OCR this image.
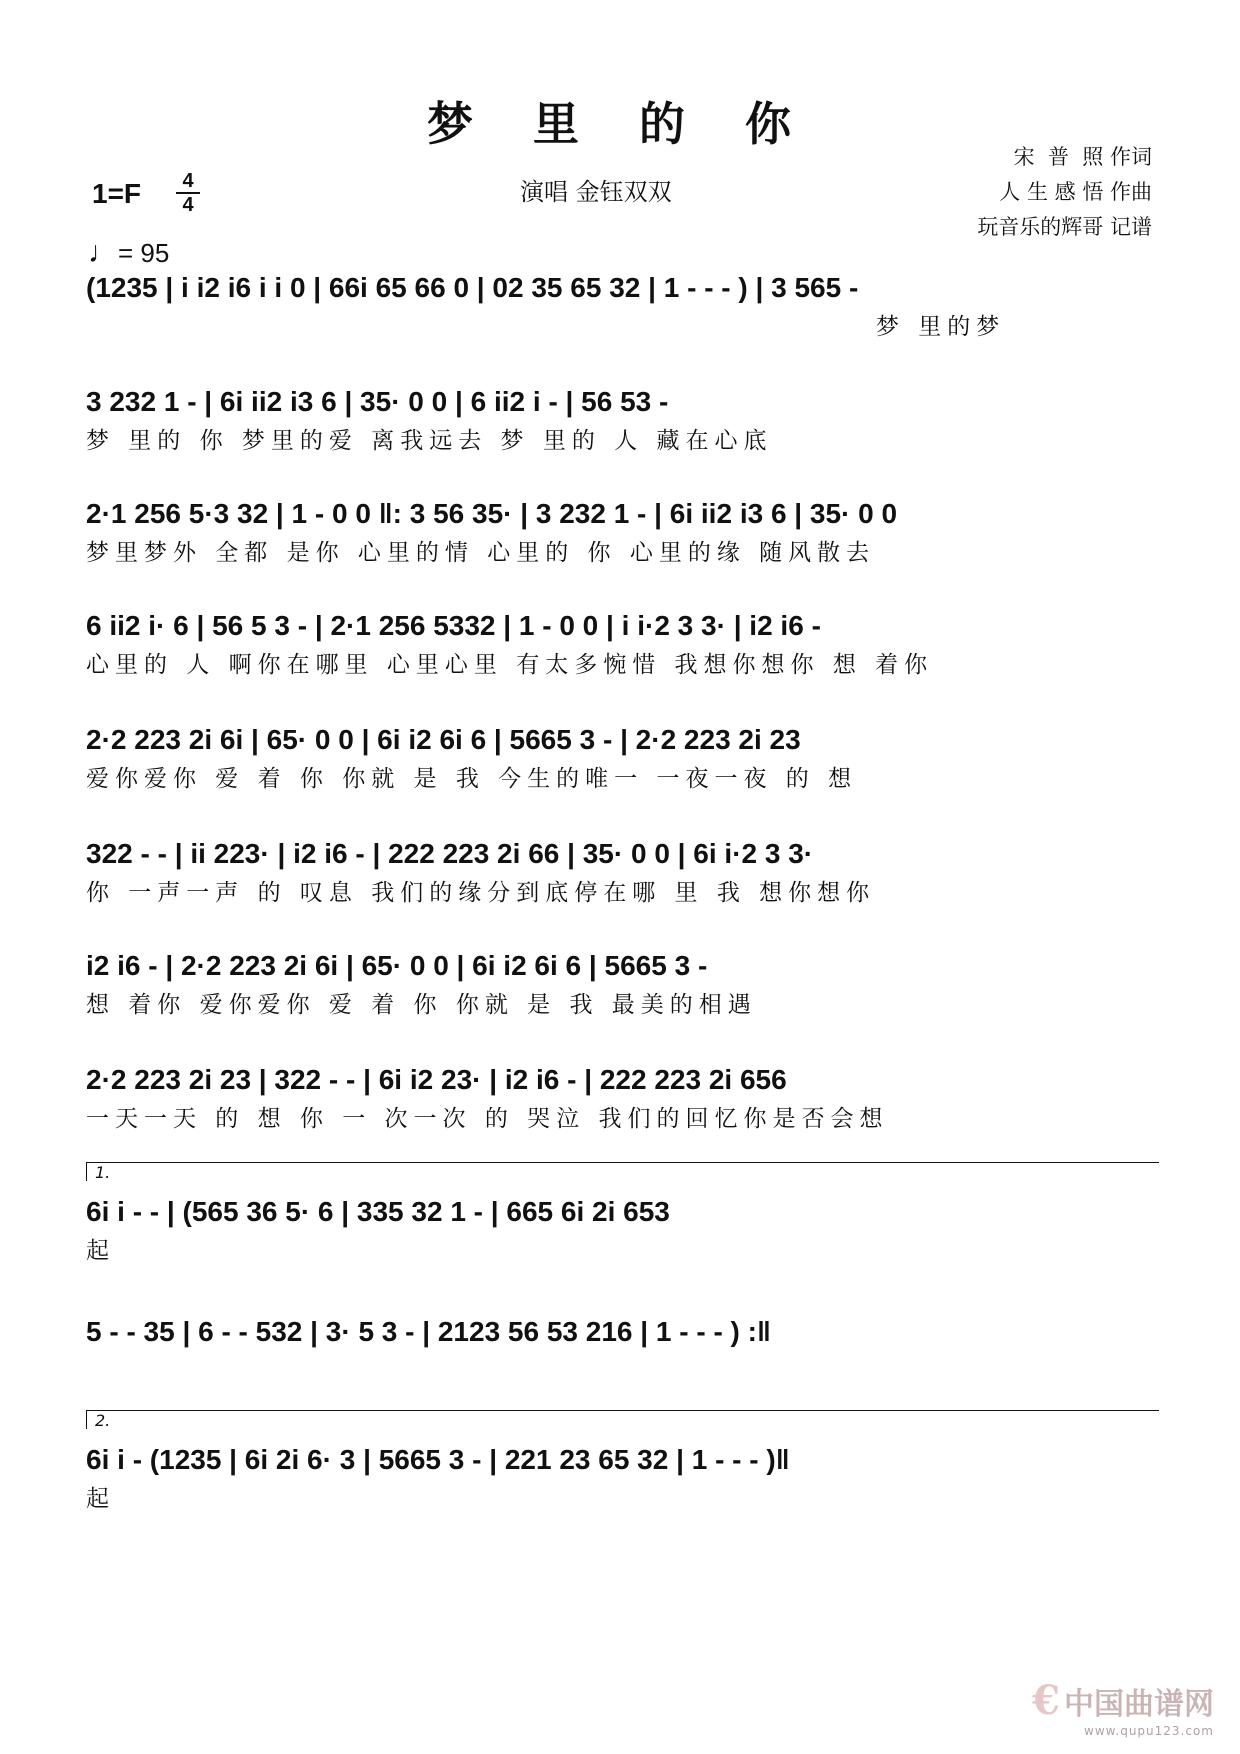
梦 里 的 你
1=F	4
4
♩= 95
演唱 金钰双双
宋  普  照 作词
人 生 感 悟 作曲
玩音乐的辉哥 记谱
(1235 | i i2 i6 i i 0 | 66i 65 66 0 | 02 35 65 32 | 1 - - - ) | 3 565 -
梦 里的梦
3 232 1 - | 6i ii2 i3 6 | 35· 0 0 | 6 ii2 i - | 56 53 -
梦 里的 你 梦里的爱 离我远去 梦 里的 人 藏在心底
2·1 256 5·3 32 | 1 - 0 0 ‖: 3 56 35· | 3 232 1 - | 6i ii2 i3 6 | 35· 0 0
梦里梦外 全都 是你 心里的情 心里的 你 心里的缘 随风散去
6 ii2 i· 6 | 56 5 3 - | 2·1 256 5332 | 1 - 0 0 | i i·2 3 3· | i2 i6 -
心里的 人 啊你在哪里 心里心里 有太多惋惜 我想你想你 想 着你
2·2 223 2i 6i | 65· 0 0 | 6i i2 6i 6 | 5665 3 - | 2·2 223 2i 23
爱你爱你 爱 着 你 你就 是 我 今生的唯一 一夜一夜 的 想
322 - - | ii 223· | i2 i6 - | 222 223 2i 66 | 35· 0 0 | 6i i·2 3 3·
你 一声一声 的 叹息 我们的缘分到底停在哪 里 我 想你想你
i2 i6 - | 2·2 223 2i 6i | 65· 0 0 | 6i i2 6i 6 | 5665 3 -
想 着你 爱你爱你 爱 着 你 你就 是 我 最美的相遇
2·2 223 2i 23 | 322 - - | 6i i2 23· | i2 i6 - | 222 223 2i 656
一天一天 的 想 你 一 次一次 的 哭泣 我们的回忆你是否会想
1.
6i i - - | (565 36 5· 6 | 335 32 1 - | 665 6i 2i 653
起
5 - - 35 | 6 - - 532 | 3· 5 3 - | 2123 56 53 216 | 1 - - - ) :‖
2.
6i i - (1235 | 6i 2i 6· 3 | 5665 3 - | 221 23 65 32 | 1 - - - )‖
起
€ 中国曲谱网
www.qupu123.com
